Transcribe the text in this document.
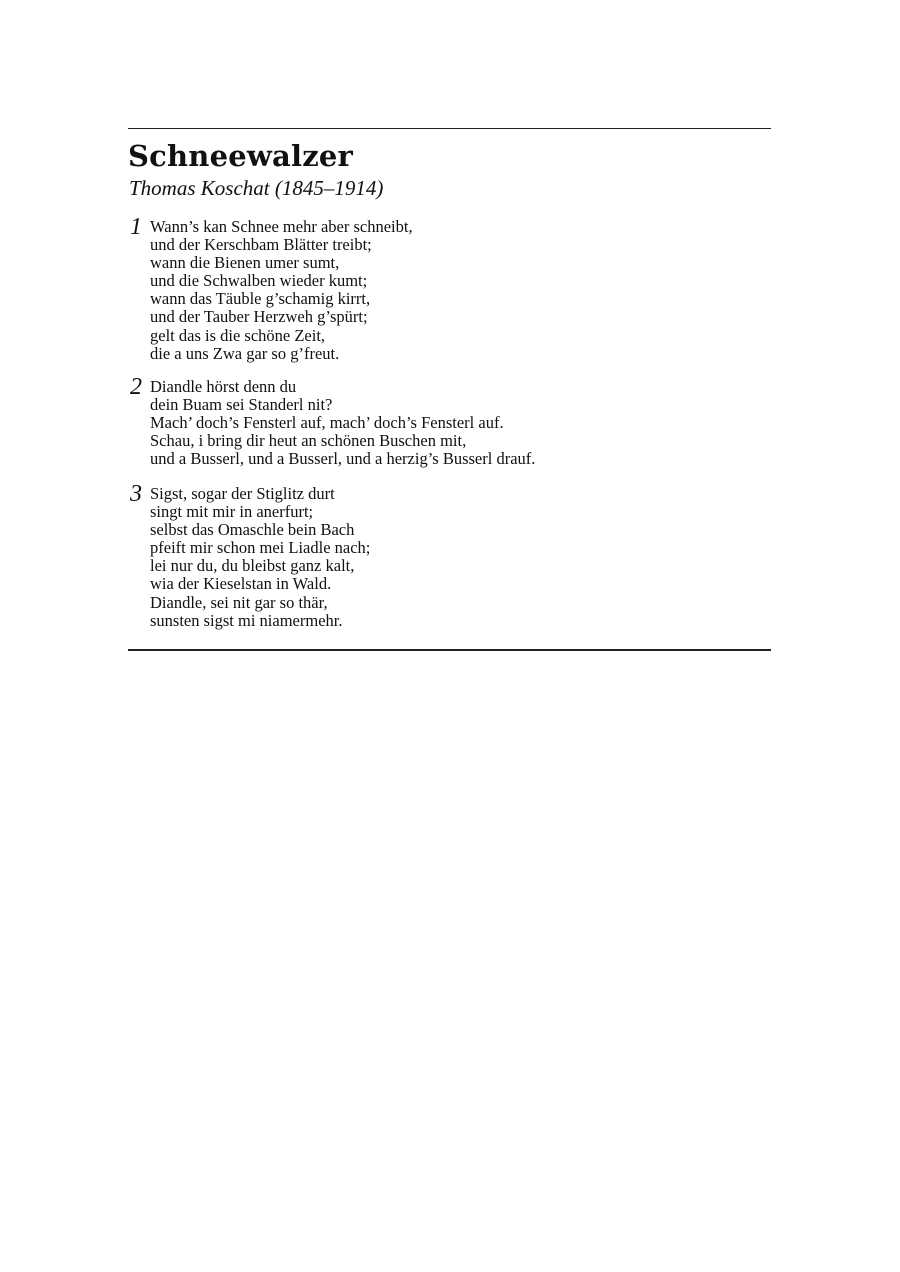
Schneewalzer

Thomas Koschat (1845–1914)

1 Wann’s kan Schnee mehr aber schneibt,
und der Kerschbam Blätter treibt;
wann die Bienen umer sumt,
und die Schwalben wieder kumt;
wann das Täuble g’schamig kirrt,
und der Tauber Herzweh g’spürt;
gelt das is die schöne Zeit,
die a uns Zwa gar so g’freut.
2 Diandle hörst denn du
dein Buam sei Standerl nit?
Mach’ doch’s Fensterl auf, mach’ doch’s Fensterl auf.
Schau, i bring dir heut an schönen Buschen mit,
und a Busserl, und a Busserl, und a herzig’s Busserl drauf.
3 Sigst, sogar der Stiglitz durt
singt mit mir in anerfurt;
selbst das Omaschle bein Bach
pfeift mir schon mei Liadle nach;
lei nur du, du bleibst ganz kalt,
wia der Kieselstan in Wald.
Diandle, sei nit gar so thär,
sunsten sigst mi niamermehr.
